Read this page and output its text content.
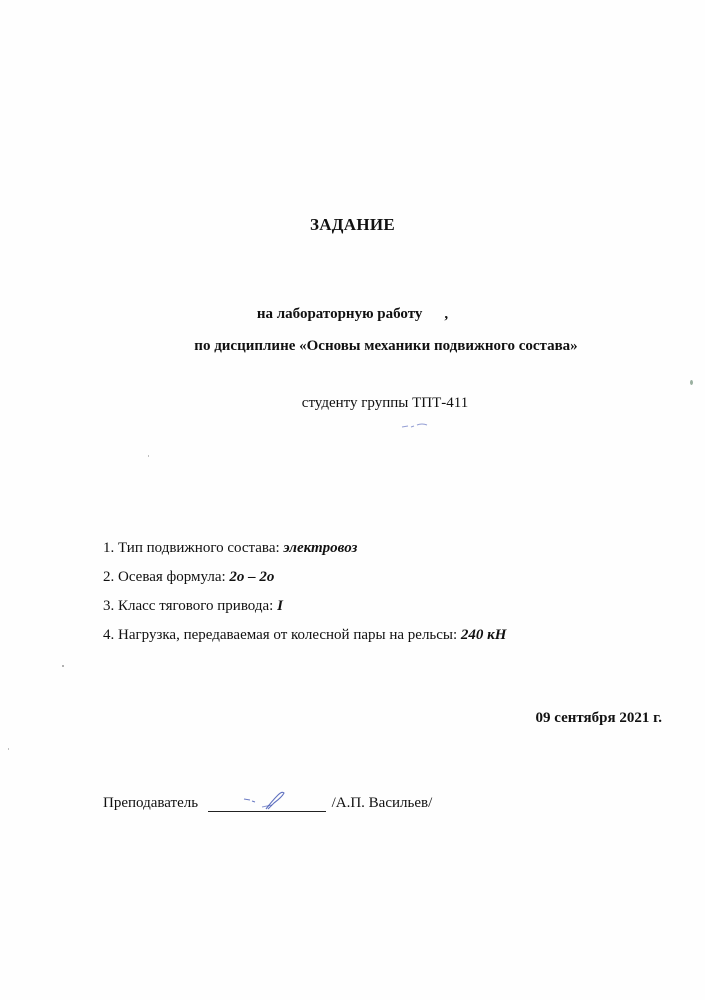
ЗАДАНИЕ
на лабораторную работу ,
по дисциплине «Основы механики подвижного состава»
студенту группы ТПТ-411
1. Тип подвижного состава: электровоз
2. Осевая формула: 2о – 2о
3. Класс тягового привода: I
4. Нагрузка, передаваемая от колесной пары на рельсы: 240 кН
09 сентября 2021 г.
Преподаватель	/А.П. Васильев/
